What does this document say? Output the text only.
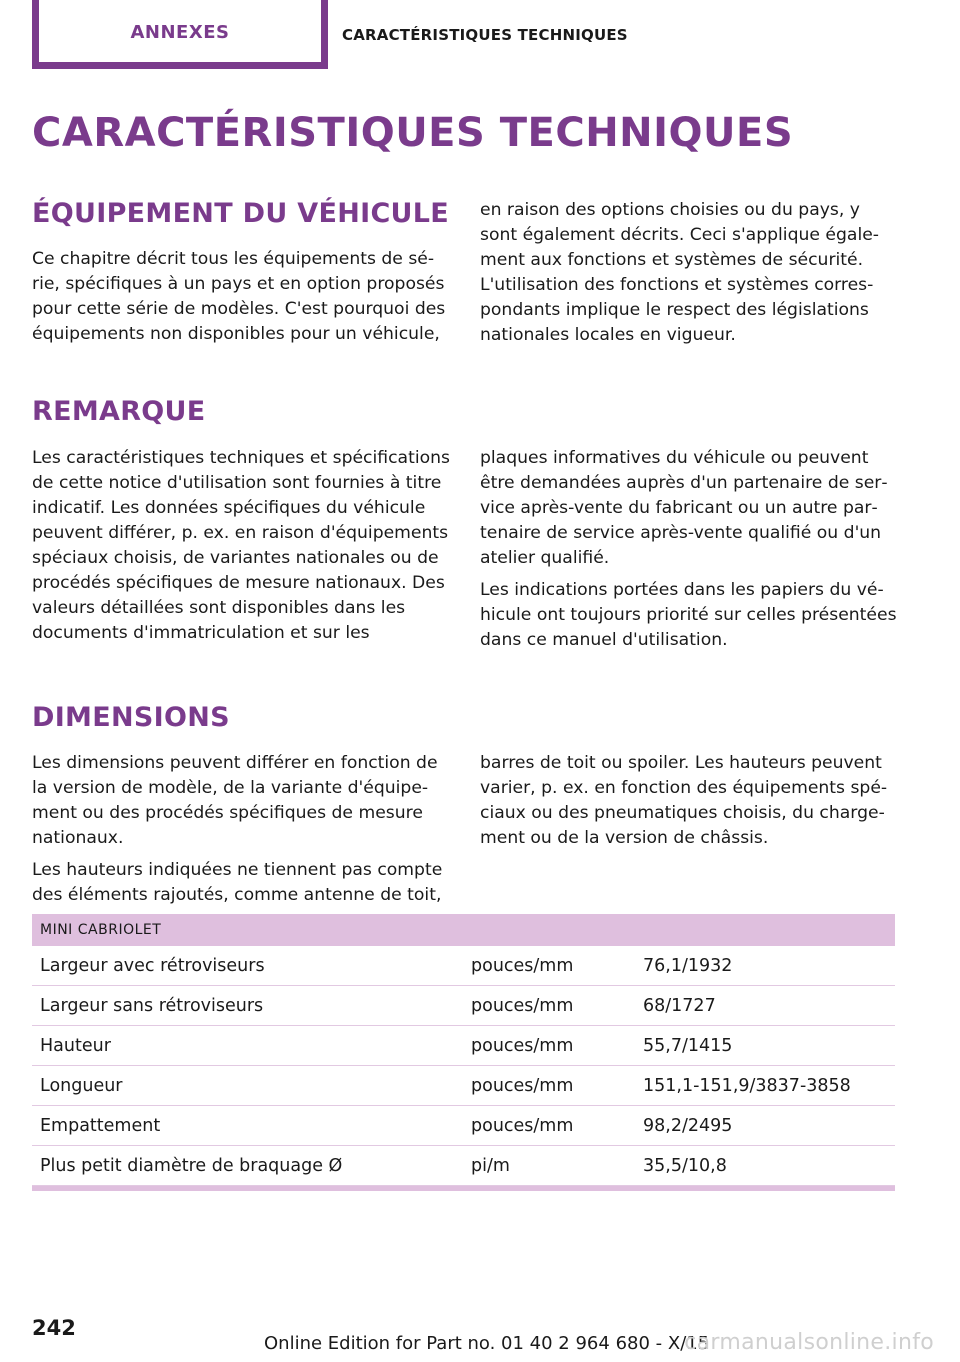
ANNEXES	CARACTÉRISTIQUES TECHNIQUES
CARACTÉRISTIQUES TECHNIQUES
ÉQUIPEMENT DU VÉHICULE

Ce chapitre décrit tous les équipements de série, spécifiques à un pays et en option proposés pour cette série de modèles. C'est pourquoi des équipements non disponibles pour un véhicule,

en raison des options choisies ou du pays, y sont également décrits. Ceci s'applique également aux fonctions et systèmes de sécurité. L'utilisation des fonctions et systèmes correspondants implique le respect des législations nationales locales en vigueur.

REMARQUE

Les caractéristiques techniques et spécifications de cette notice d'utilisation sont fournies à titre indicatif. Les données spécifiques du véhicule peuvent différer, p. ex. en raison d'équipements spéciaux choisis, de variantes nationales ou de procédés spécifiques de mesure nationaux. Des valeurs détaillées sont disponibles dans les documents d'immatriculation et sur les

plaques informatives du véhicule ou peuvent être demandées auprès d'un partenaire de service après-vente du fabricant ou un autre partenaire de service après-vente qualifié ou d'un atelier qualifié.

Les indications portées dans les papiers du véhicule ont toujours priorité sur celles présentées dans ce manuel d'utilisation.

DIMENSIONS

Les dimensions peuvent différer en fonction de la version de modèle, de la variante d'équipement ou des procédés spécifiques de mesure nationaux.

Les hauteurs indiquées ne tiennent pas compte des éléments rajoutés, comme antenne de toit,

barres de toit ou spoiler. Les hauteurs peuvent varier, p. ex. en fonction des équipements spéciaux ou des pneumatiques choisis, du chargement ou de la version de châssis.

MINI CABRIOLET		
Largeur avec rétroviseurs	pouces/mm	76,1/1932
Largeur sans rétroviseurs	pouces/mm	68/1727
Hauteur	pouces/mm	55,7/1415
Longueur	pouces/mm	151,1-151,9/3837-3858
Empattement	pouces/mm	98,2/2495
Plus petit diamètre de braquage Ø	pi/m	35,5/10,8
242
Online Edition for Part no. 01 40 2 964 680 - X/15
carmanualsonline.info
